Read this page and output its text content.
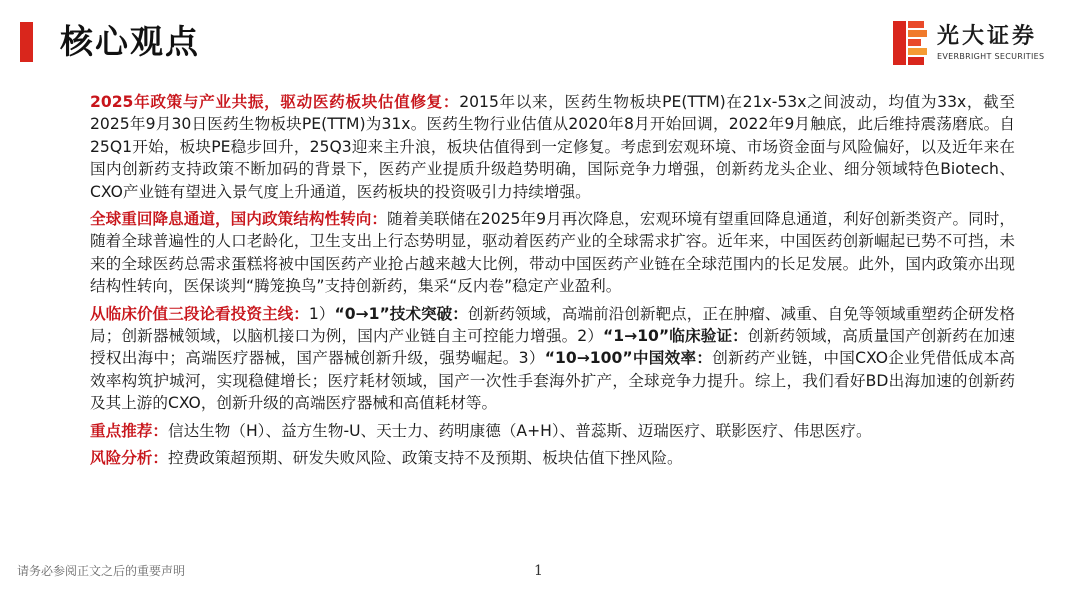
核心观点	光大证券
EVERBRIGHT SECURITIES

2025年政策与产业共振，驱动医药板块估值修复：2015年以来，医药生物板块PE(TTM)在21x-53x之间波动，均值为33x，截至2025年9月30日医药生物板块PE(TTM)为31x。医药生物行业估值从2020年8月开始回调，2022年9月触底，此后维持震荡磨底。自25Q1开始，板块PE稳步回升，25Q3迎来主升浪，板块估值得到一定修复。考虑到宏观环境、市场资金面与风险偏好，以及近年来在国内创新药支持政策不断加码的背景下，医药产业提质升级趋势明确，国际竞争力增强，创新药龙头企业、细分领域特色Biotech、CXO产业链有望进入景气度上升通道，医药板块的投资吸引力持续增强。

全球重回降息通道，国内政策结构性转向：随着美联储在2025年9月再次降息，宏观环境有望重回降息通道，利好创新类资产。同时，随着全球普遍性的人口老龄化，卫生支出上行态势明显，驱动着医药产业的全球需求扩容。近年来，中国医药创新崛起已势不可挡，未来的全球医药总需求蛋糕将被中国医药产业抢占越来越大比例，带动中国医药产业链在全球范围内的长足发展。此外，国内政策亦出现结构性转向，医保谈判“腾笼换鸟”支持创新药，集采“反内卷”稳定产业盈利。

从临床价值三段论看投资主线：1）“0→1”技术突破：创新药领域，高端前沿创新靶点，正在肿瘤、减重、自免等领域重塑药企研发格局；创新器械领域，以脑机接口为例，国内产业链自主可控能力增强。2）“1→10”临床验证：创新药领域，高质量国产创新药在加速授权出海中；高端医疗器械，国产器械创新升级，强势崛起。3）“10→100”中国效率：创新药产业链，中国CXO企业凭借低成本高效率构筑护城河，实现稳健增长；医疗耗材领域，国产一次性手套海外扩产，全球竞争力提升。综上，我们看好BD出海加速的创新药及其上游的CXO，创新升级的高端医疗器械和高值耗材等。

重点推荐：信达生物（H）、益方生物-U、天士力、药明康德（A+H）、普蕊斯、迈瑞医疗、联影医疗、伟思医疗。

风险分析：控费政策超预期、研发失败风险、政策支持不及预期、板块估值下挫风险。

请务必参阅正文之后的重要声明	1
